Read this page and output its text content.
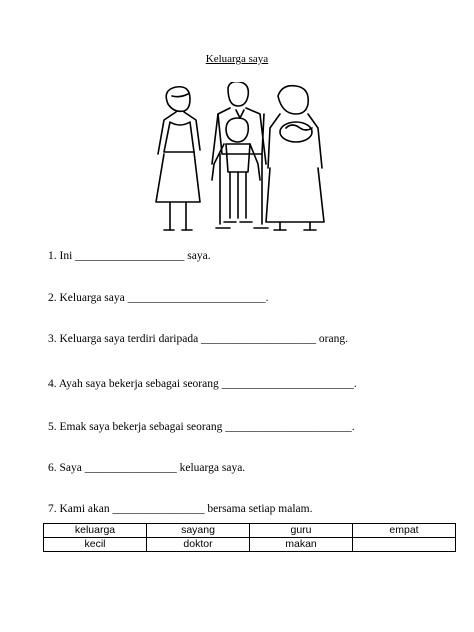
Keluarga saya
1. Ini ___________________ saya.
2. Keluarga saya ________________________.
3. Keluarga saya terdiri daripada ____________________ orang.
4. Ayah saya bekerja sebagai seorang _______________________.
5. Emak saya bekerja sebagai seorang ______________________.
6. Saya ________________ keluarga saya.
7. Kami akan ________________ bersama setiap malam.
keluarga	sayang	guru	empat
kecil	doktor	makan	
